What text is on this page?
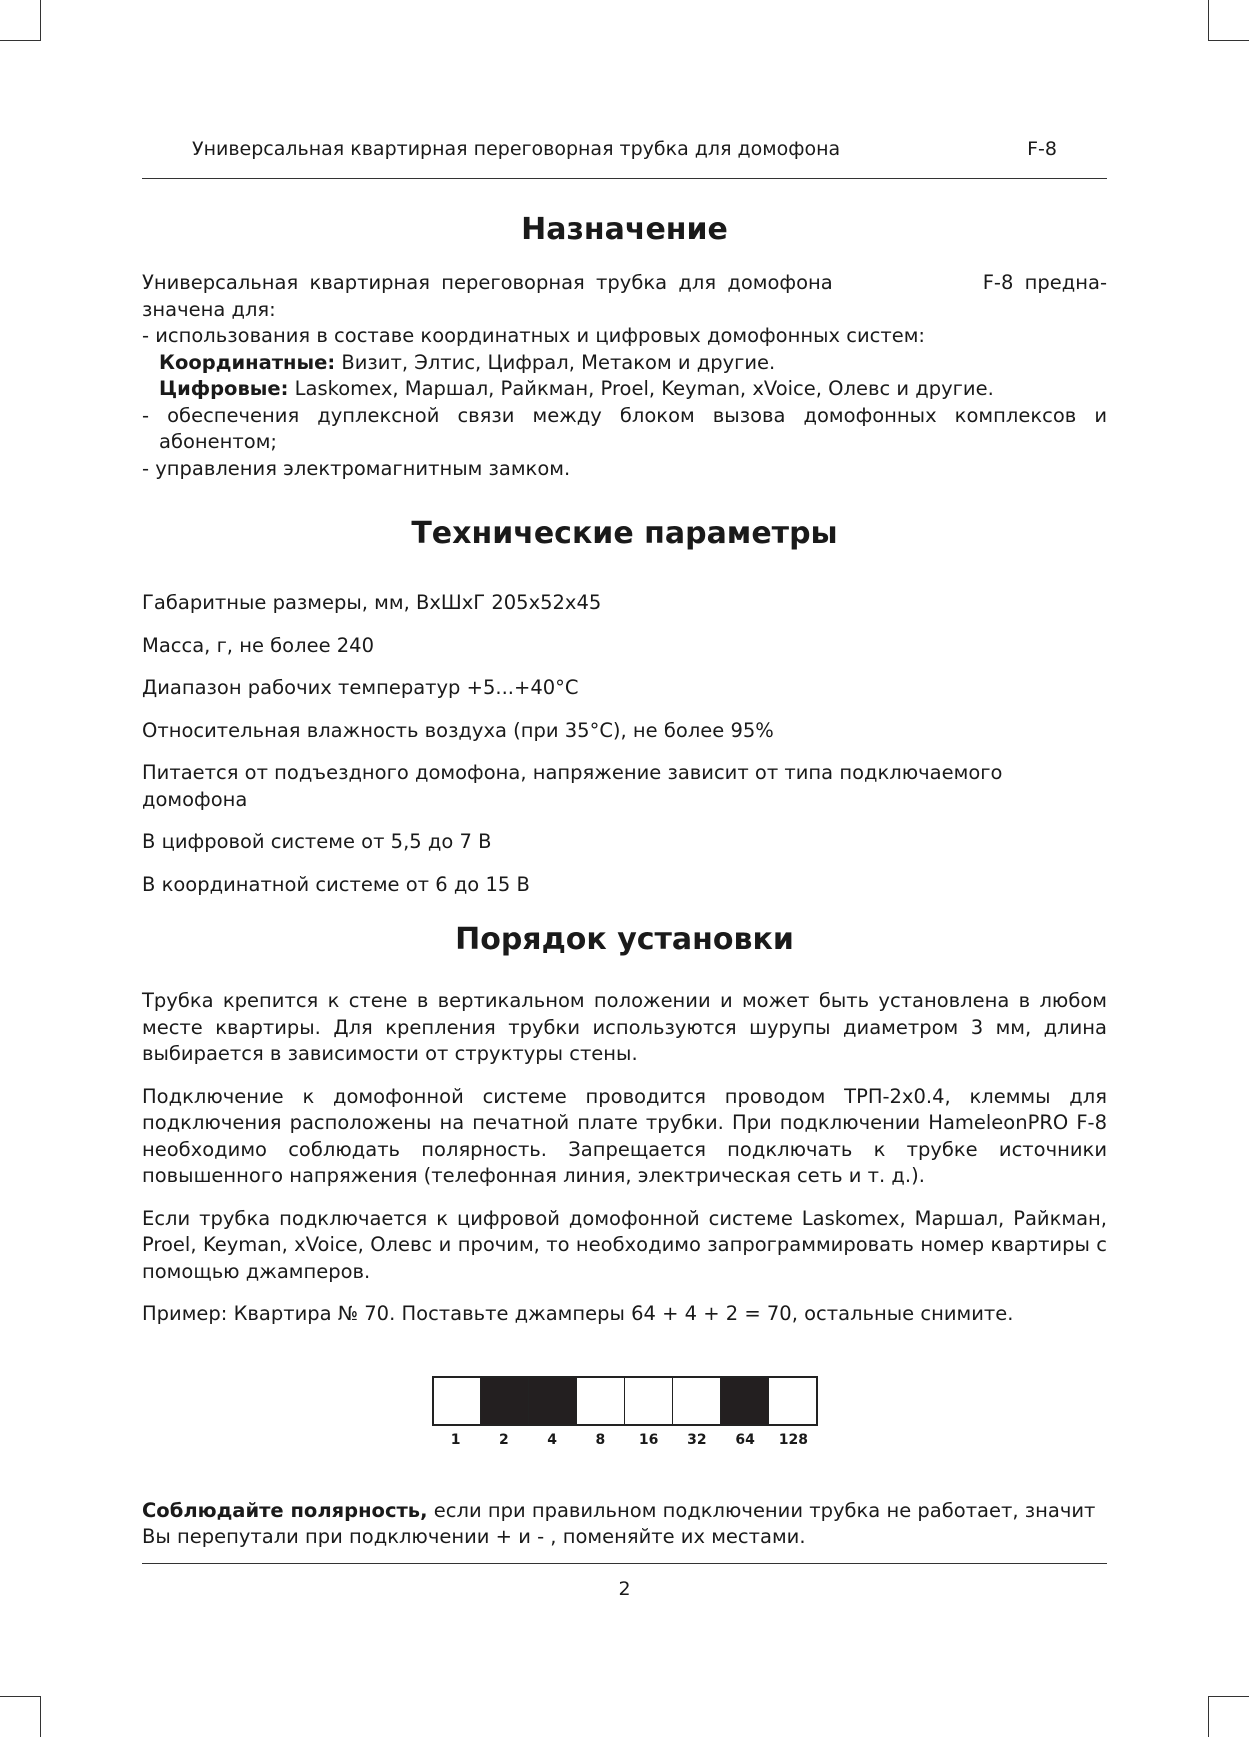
Универсальная квартирная переговорная трубка для домофона	F-8
Назначение

Универсальная квартирная переговорная трубка для домофона	F-8 предна-значена для:

- использования в составе координатных и цифровых домофонных систем:

Координатные: Визит, Элтис, Цифрал, Метаком и другие.

Цифровые: Laskomex, Маршал, Райкман, Proel, Keyman, xVoice, Олевс и другие.

- обеспечения дуплексной связи между блоком вызова домофонных комплексов и абонентом;

- управления электромагнитным замком.

Технические параметры

Габаритные размеры, мм, ВхШхГ 205х52х45

Масса, г, не более 240

Диапазон рабочих температур +5...+40°С

Относительная влажность воздуха (при 35°С), не более 95%

Питается от подъездного домофона, напряжение зависит от типа подключаемого домофона

В цифровой системе от 5,5 до 7 В

В координатной системе от 6 до 15 В

Порядок установки

Трубка крепится к стене в вертикальном положении и может быть установлена в любом месте квартиры. Для крепления трубки используются шурупы диаметром 3 мм, длина выбирается в зависимости от структуры стены.

Подключение к домофонной системе проводится проводом ТРП-2х0.4, клеммы для подключения расположены на печатной плате трубки. При подключении HameleonPRO F-8 необходимо соблюдать полярность. Запрещается подключать к трубке источники повышенного напряжения (телефонная линия, электрическая сеть и т. д.).

Если трубка подключается к цифровой домофонной системе Laskomex, Маршал, Райкман, Proel, Keyman, xVoice, Олевс и прочим, то необходимо запрограммировать номер квартиры с помощью джамперов.

Пример: Квартира № 70. Поставьте джамперы 64 + 4 + 2 = 70, остальные снимите.

1	2	4	8	16	32	64	128

Соблюдайте полярность, если при правильном подключении трубка не работает, значит Вы перепутали при подключении + и - , поменяйте их местами.

2
